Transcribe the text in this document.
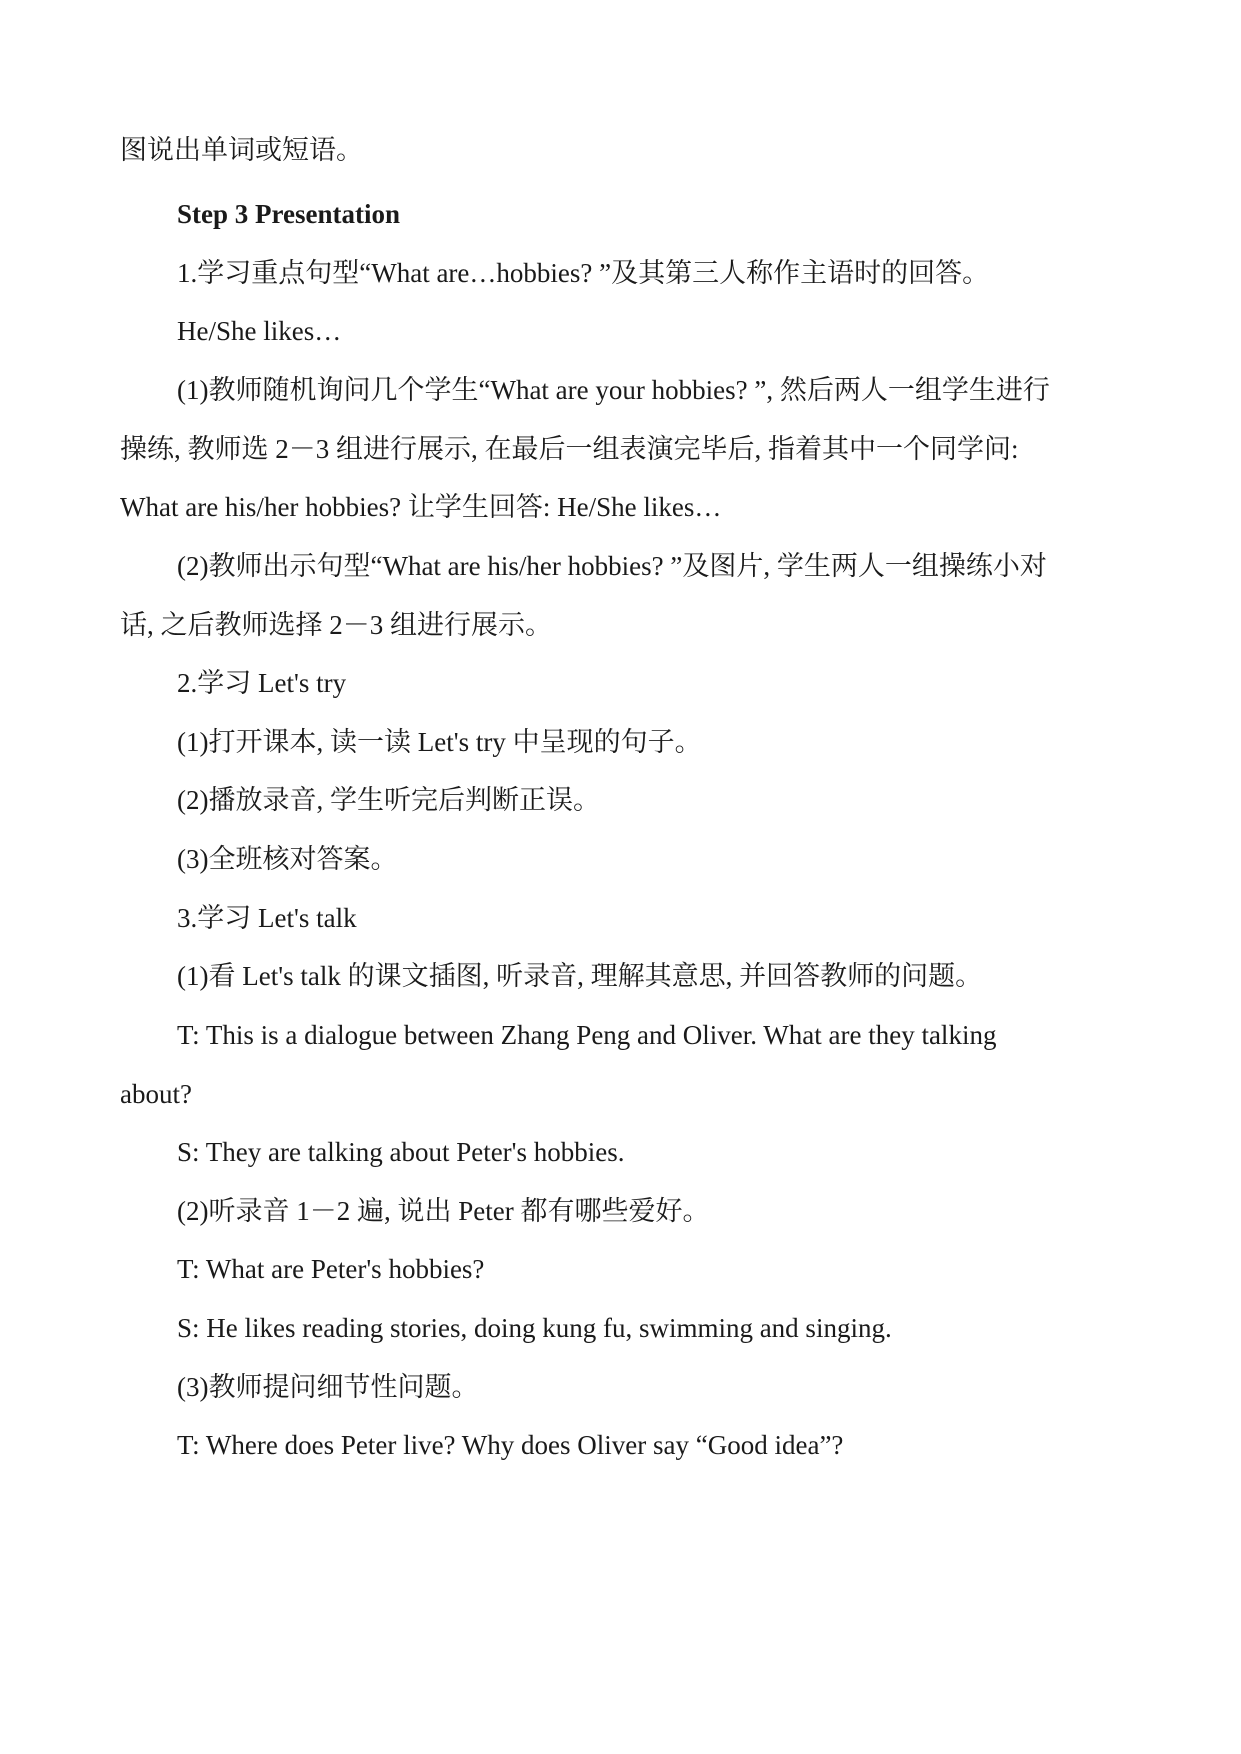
图说出单词或短语。
Step 3 Presentation
1.学习重点句型“What are…hobbies? ”及其第三人称作主语时的回答。
He/She likes…
(1)教师随机询问几个学生“What are your hobbies? ”, 然后两人一组学生进行
操练, 教师选 2－3 组进行展示, 在最后一组表演完毕后, 指着其中一个同学问:
What are his/her hobbies? 让学生回答: He/She likes…
(2)教师出示句型“What are his/her hobbies? ”及图片, 学生两人一组操练小对
话, 之后教师选择 2－3 组进行展示。
2.学习 Let's try
(1)打开课本, 读一读 Let's try 中呈现的句子。
(2)播放录音, 学生听完后判断正误。
(3)全班核对答案。
3.学习 Let's talk
(1)看 Let's talk 的课文插图, 听录音, 理解其意思, 并回答教师的问题。
T: This is a dialogue between Zhang Peng and Oliver. What are they talking
about?
S: They are talking about Peter's hobbies.
(2)听录音 1－2 遍, 说出 Peter 都有哪些爱好。
T: What are Peter's hobbies?
S: He likes reading stories, doing kung fu, swimming and singing.
(3)教师提问细节性问题。
T: Where does Peter live? Why does Oliver say “Good idea”?
